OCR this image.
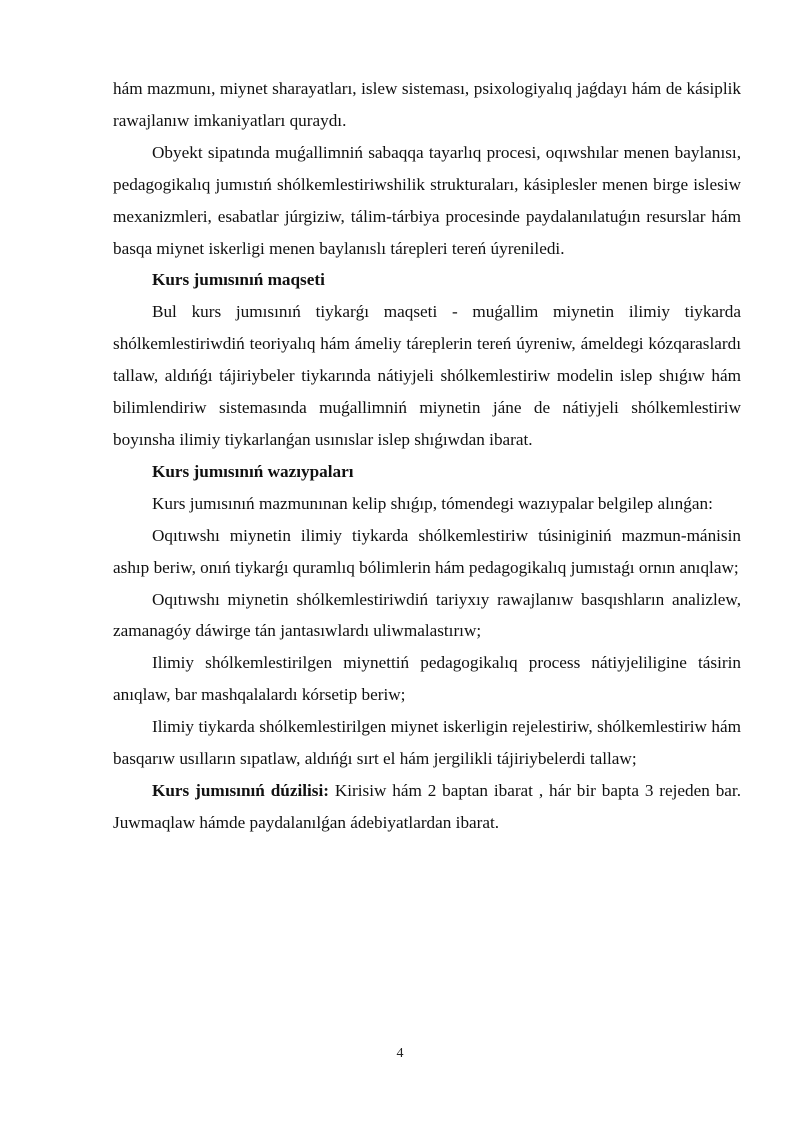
hám mazmunı, miynet sharayatları, islew sisteması, psixologiyalıq jaǵdayı hám de kásiplik rawajlanıw imkaniyatları quraydı.

Obyekt sipatında muǵallimniń sabaqqa tayarlıq procesi, oqıwshılar menen baylanısı, pedagogikalıq jumıstıń shólkemlestiriwshilik strukturaları, kásiplesler menen birge islesiw mexanizmleri, esabatlar júrgiziw, tálim-tárbiya procesinde paydalanılatuǵın resurslar hám basqa miynet iskerligi menen baylanıslı tárepleri tereń úyreniledi.

Kurs jumısınıń maqseti

Bul kurs jumısınıń tiykarǵı maqseti - muǵallim miynetin ilimiy tiykarda shólkemlestiriwdiń teoriyalıq hám ámeliy táreplerin tereń úyreniw, ámeldegi kózqaraslardı tallaw, aldıńǵı tájiriybeler tiykarında nátiyjeli shólkemlestiriw modelin islep shıǵıw hám bilimlendiriw sistemasında muǵallimniń miynetin jáne de nátiyjeli shólkemlestiriw boyınsha ilimiy tiykarlanǵan usınıslar islep shıǵıwdan ibarat.

Kurs jumısınıń wazıypaları

Kurs jumısınıń mazmunınan kelip shıǵıp, tómendegi wazıypalar belgilep alınǵan:

Oqıtıwshı miynetin ilimiy tiykarda shólkemlestiriw túsiniginiń mazmun-mánisin ashıp beriw, onıń tiykarǵı quramlıq bólimlerin hám pedagogikalıq jumıstaǵı ornın anıqlaw;

Oqıtıwshı miynetin shólkemlestiriwdiń tariyxıy rawajlanıw basqıshların analizlew, zamanagóy dáwirge tán jantasıwlardı uliwmalastırıw;

Ilimiy shólkemlestirilgen miynettiń pedagogikalıq process nátiyjeliligine tásirin anıqlaw, bar mashqalalardı kórsetip beriw;

Ilimiy tiykarda shólkemlestirilgen miynet iskerligin rejelestiriw, shólkemlestiriw hám basqarıw usılların sıpatlaw, aldıńǵı sırt el hám jergilikli tájiriybelerdi tallaw;

Kurs jumısınıń dúzilisi: Kirisiw hám 2 baptan ibarat , hár bir bapta 3 rejeden bar. Juwmaqlaw hámde paydalanılǵan ádebiyatlardan ibarat.

4
